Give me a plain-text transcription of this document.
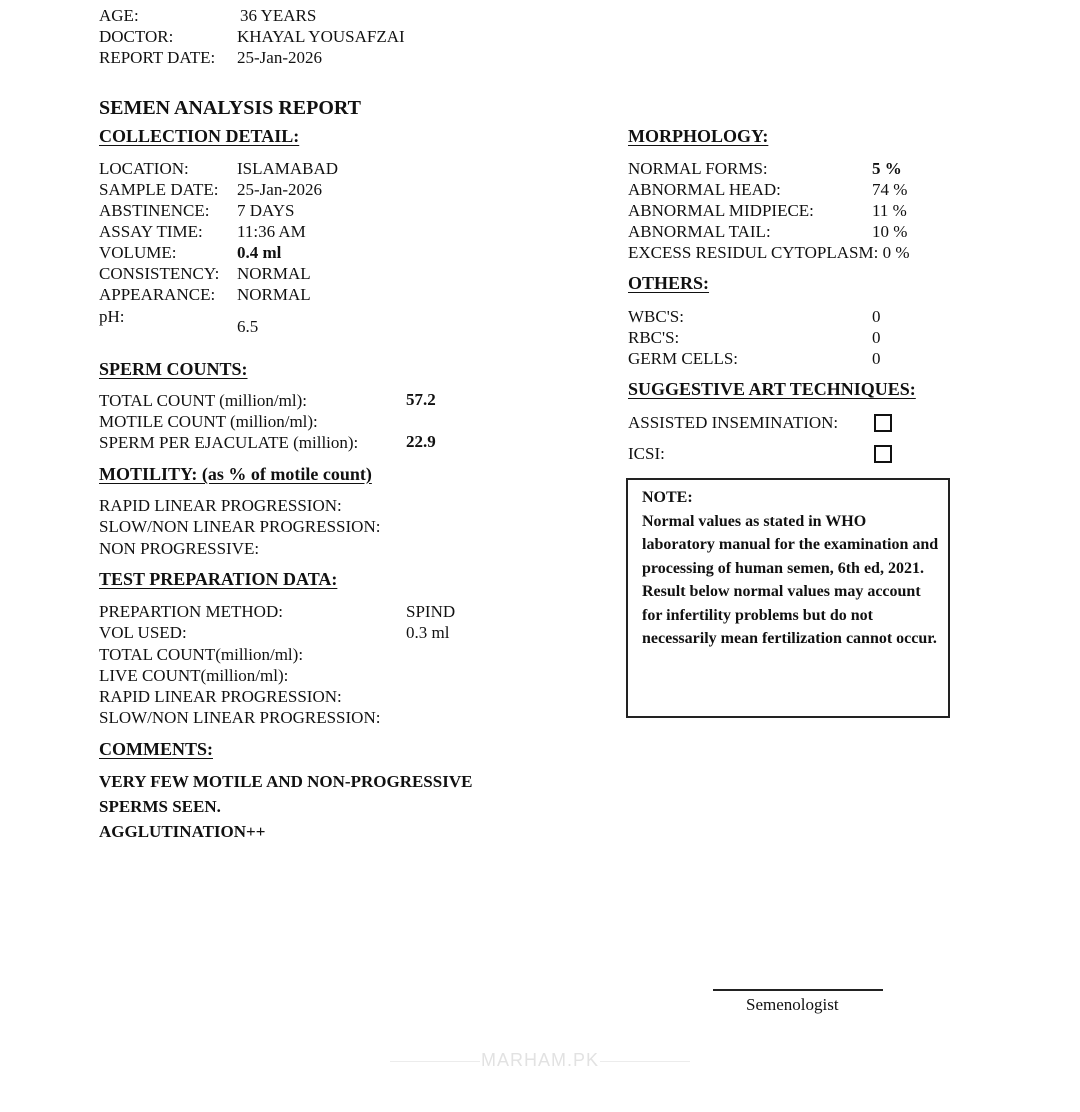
AGE:	36 YEARS
DOCTOR:	KHAYAL YOUSAFZAI
REPORT DATE: 25-Jan-2026
SEMEN ANALYSIS REPORT
COLLECTION DETAIL:
LOCATION:	ISLAMABAD
SAMPLE DATE: 25-Jan-2026
ABSTINENCE: 7 DAYS
ASSAY TIME: 11:36 AM
VOLUME:	0.4 ml
CONSISTENCY: NORMAL
APPEARANCE: NORMAL
pH:
6.5
SPERM COUNTS:
TOTAL COUNT (million/ml):	57.2
MOTILE COUNT (million/ml):
SPERM PER EJACULATE (million):	22.9
MOTILITY: (as % of motile count)
RAPID LINEAR PROGRESSION:
SLOW/NON LINEAR PROGRESSION:
NON PROGRESSIVE:
TEST PREPARATION DATA:
PREPARTION METHOD:	SPIND
VOL USED:	0.3 ml
TOTAL COUNT(million/ml):
LIVE COUNT(million/ml):
RAPID LINEAR PROGRESSION:
SLOW/NON LINEAR PROGRESSION:
COMMENTS:
VERY FEW MOTILE AND NON-PROGRESSIVE
SPERMS SEEN.
AGGLUTINATION++
MORPHOLOGY:
NORMAL FORMS:	5 %
ABNORMAL HEAD:	74 %
ABNORMAL MIDPIECE:	11 %
ABNORMAL TAIL:	10 %
EXCESS RESIDUL CYTOPLASM: 0 %
OTHERS:
WBC'S:	0
RBC'S:	0
GERM CELLS:	0
SUGGESTIVE ART TECHNIQUES:
ASSISTED INSEMINATION:
ICSI:
NOTE:
Normal values as stated in WHO laboratory manual for the examination and processing of human semen, 6th ed, 2021. Result below normal values may account for infertility problems but do not necessarily mean fertilization cannot occur.
Semenologist
MARHAM.PK
